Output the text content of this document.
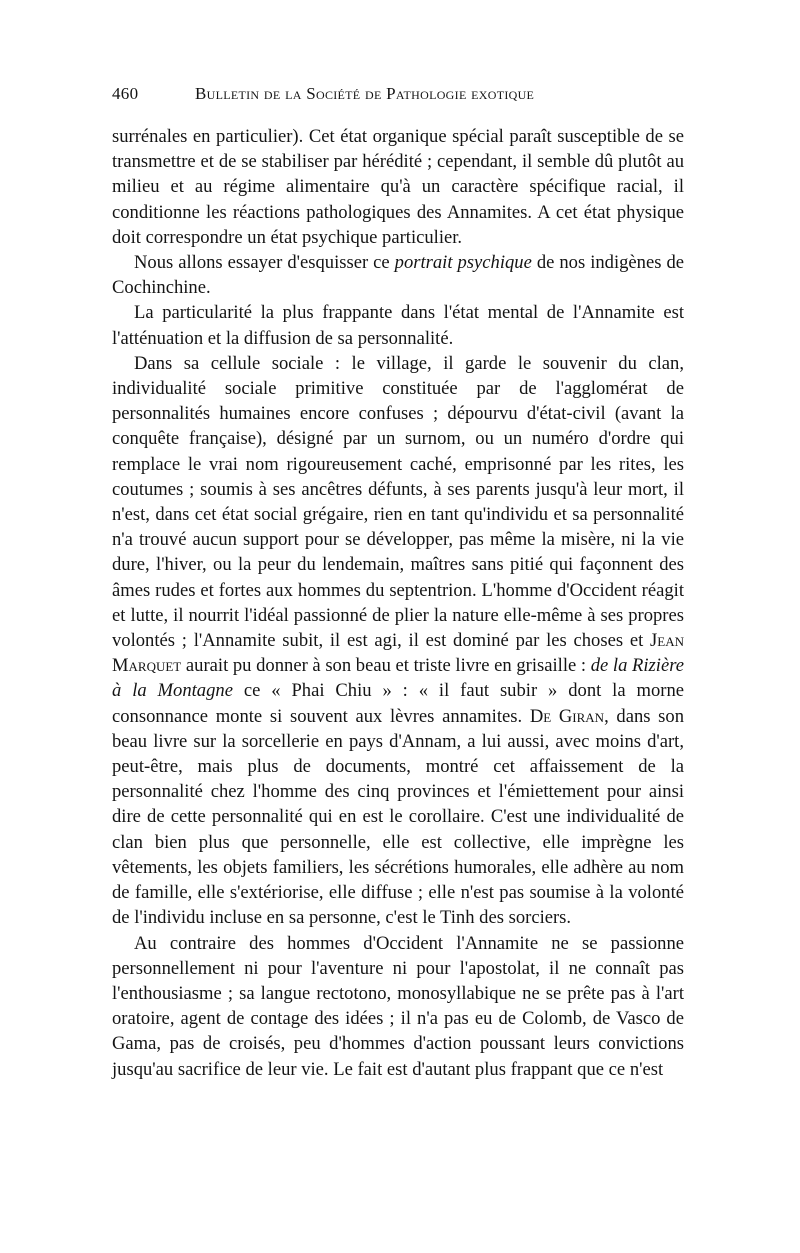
460	Bulletin de la Société de Pathologie exotique

surrénales en particulier). Cet état organique spécial paraît susceptible de se transmettre et de se stabiliser par hérédité ; cependant, il semble dû plutôt au milieu et au régime alimentaire qu'à un caractère spécifique racial, il conditionne les réactions pathologiques des Annamites. A cet état physique doit correspondre un état psychique particulier.

Nous allons essayer d'esquisser ce portrait psychique de nos indigènes de Cochinchine.

La particularité la plus frappante dans l'état mental de l'Annamite est l'atténuation et la diffusion de sa personnalité.

Dans sa cellule sociale : le village, il garde le souvenir du clan, individualité sociale primitive constituée par de l'agglomérat de personnalités humaines encore confuses ; dépourvu d'état-civil (avant la conquête française), désigné par un surnom, ou un numéro d'ordre qui remplace le vrai nom rigoureusement caché, emprisonné par les rites, les coutumes ; soumis à ses ancêtres défunts, à ses parents jusqu'à leur mort, il n'est, dans cet état social grégaire, rien en tant qu'individu et sa personnalité n'a trouvé aucun support pour se développer, pas même la misère, ni la vie dure, l'hiver, ou la peur du lendemain, maîtres sans pitié qui façonnent des âmes rudes et fortes aux hommes du septentrion. L'homme d'Occident réagit et lutte, il nourrit l'idéal passionné de plier la nature elle-même à ses propres volontés ; l'Annamite subit, il est agi, il est dominé par les choses et Jean Marquet aurait pu donner à son beau et triste livre en grisaille : de la Rizière à la Montagne ce « Phai Chiu » : « il faut subir » dont la morne consonnance monte si souvent aux lèvres annamites. De Giran, dans son beau livre sur la sorcellerie en pays d'Annam, a lui aussi, avec moins d'art, peut-être, mais plus de documents, montré cet affaissement de la personnalité chez l'homme des cinq provinces et l'émiettement pour ainsi dire de cette personnalité qui en est le corollaire. C'est une individualité de clan bien plus que personnelle, elle est collective, elle imprègne les vêtements, les objets familiers, les sécrétions humorales, elle adhère au nom de famille, elle s'extériorise, elle diffuse ; elle n'est pas soumise à la volonté de l'individu incluse en sa personne, c'est le Tinh des sorciers.

Au contraire des hommes d'Occident l'Annamite ne se passionne personnellement ni pour l'aventure ni pour l'apostolat, il ne connaît pas l'enthousiasme ; sa langue rectotono, monosyllabique ne se prête pas à l'art oratoire, agent de contage des idées ; il n'a pas eu de Colomb, de Vasco de Gama, pas de croisés, peu d'hommes d'action poussant leurs convictions jusqu'au sacrifice de leur vie. Le fait est d'autant plus frappant que ce n'est
